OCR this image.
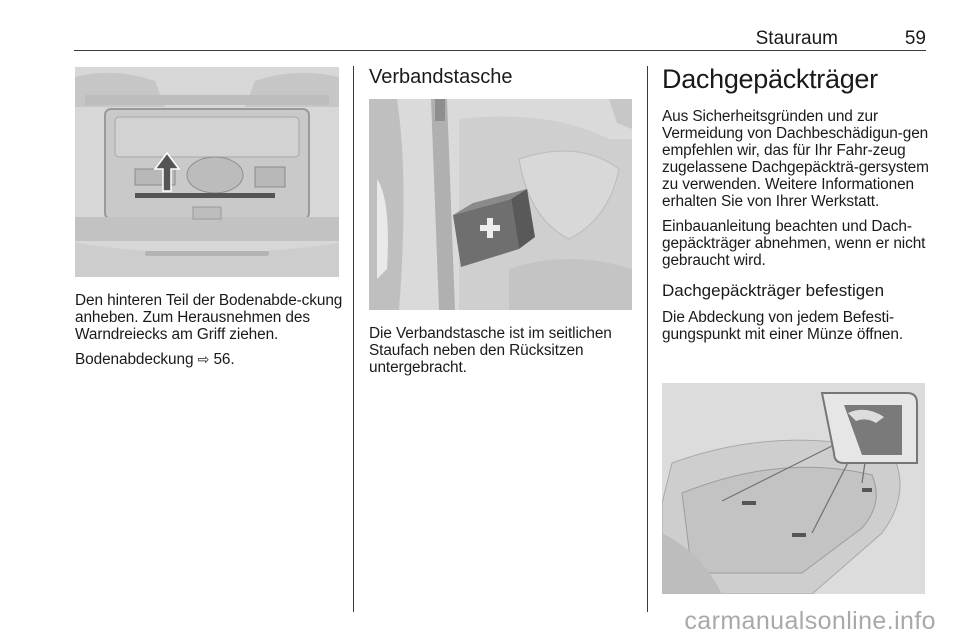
Stauraum	59

Den hinteren Teil der Bodenabde-ckung anheben. Zum Herausnehmen des Warndreiecks am Griff ziehen.

Bodenabdeckung ⇨ 56.

Verbandstasche

Die Verbandstasche ist im seitlichen Staufach neben den Rücksitzen untergebracht.

Dachgepäckträger

Aus Sicherheitsgründen und zur Vermeidung von Dachbeschädigun-gen empfehlen wir, das für Ihr Fahr-zeug zugelassene Dachgepäckträ-gersystem zu verwenden. Weitere Informationen erhalten Sie von Ihrer Werkstatt.

Einbauanleitung beachten und Dach-gepäckträger abnehmen, wenn er nicht gebraucht wird.

Dachgepäckträger befestigen

Die Abdeckung von jedem Befesti-gungspunkt mit einer Münze öffnen.

carmanualsonline.info
